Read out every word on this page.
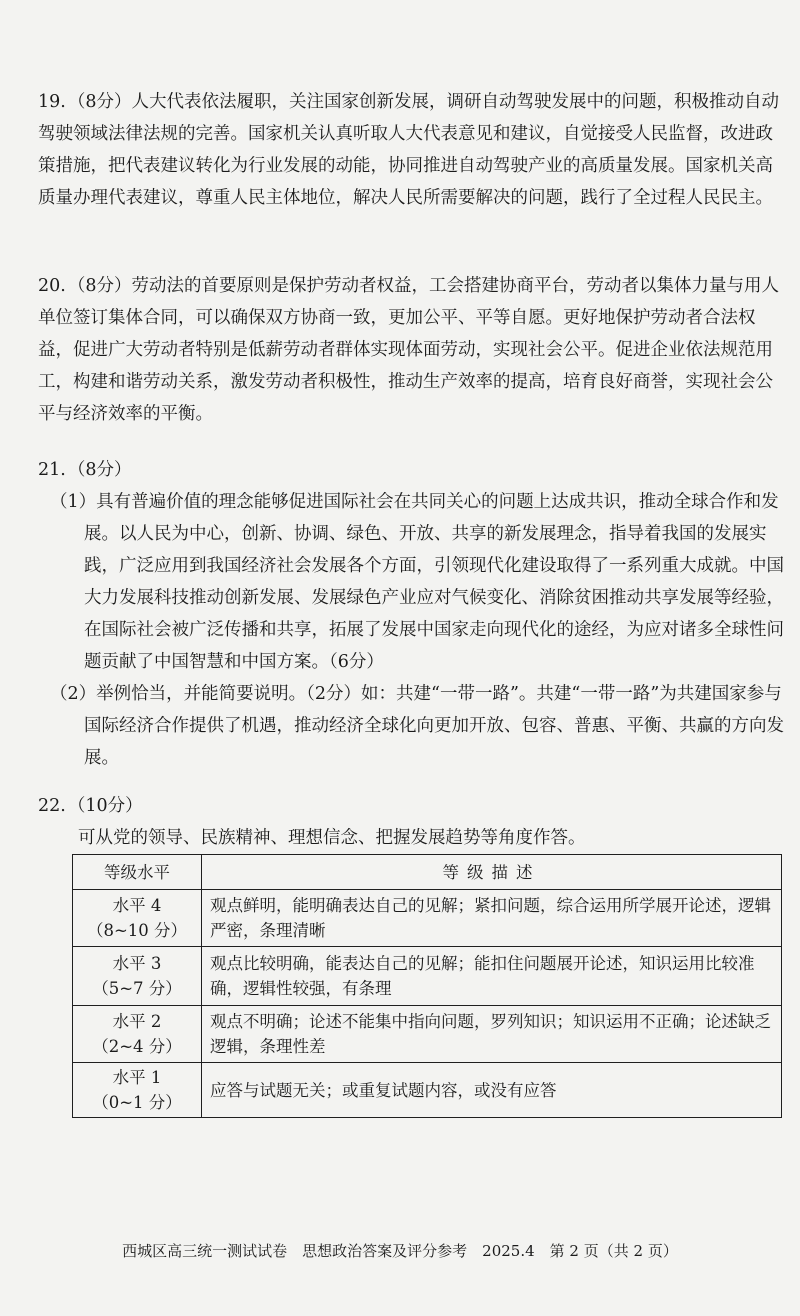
19. （8分）人大代表依法履职，关注国家创新发展，调研自动驾驶发展中的问题，积极推动自动驾驶领域法律法规的完善。国家机关认真听取人大代表意见和建议，自觉接受人民监督，改进政策措施，把代表建议转化为行业发展的动能，协同推进自动驾驶产业的高质量发展。国家机关高质量办理代表建议，尊重人民主体地位，解决人民所需要解决的问题，践行了全过程人民民主。

20. （8分）劳动法的首要原则是保护劳动者权益，工会搭建协商平台，劳动者以集体力量与用人单位签订集体合同，可以确保双方协商一致，更加公平、平等自愿。更好地保护劳动者合法权益，促进广大劳动者特别是低薪劳动者群体实现体面劳动，实现社会公平。促进企业依法规范用工，构建和谐劳动关系，激发劳动者积极性，推动生产效率的提高，培育良好商誉，实现社会公平与经济效率的平衡。

21. （8分）

（1）具有普遍价值的理念能够促进国际社会在共同关心的问题上达成共识，推动全球合作和发展。以人民为中心，创新、协调、绿色、开放、共享的新发展理念，指导着我国的发展实践，广泛应用到我国经济社会发展各个方面，引领现代化建设取得了一系列重大成就。中国大力发展科技推动创新发展、发展绿色产业应对气候变化、消除贫困推动共享发展等经验，在国际社会被广泛传播和共享，拓展了发展中国家走向现代化的途经，为应对诸多全球性问题贡献了中国智慧和中国方案。（6分）

（2）举例恰当，并能简要说明。（2分）如：共建“一带一路”。共建“一带一路”为共建国家参与国际经济合作提供了机遇，推动经济全球化向更加开放、包容、普惠、平衡、共赢的方向发展。

22. （10分）

可从党的领导、民族精神、理想信念、把握发展趋势等角度作答。

等级水平	等级描述

水平 4
（8~10 分）	观点鲜明，能明确表达自己的见解；紧扣问题，综合运用所学展开论述，逻辑严密，条理清晰

水平 3
（5~7 分）	观点比较明确，能表达自己的见解；能扣住问题展开论述，知识运用比较准确，逻辑性较强，有条理

水平 2
（2~4 分）	观点不明确；论述不能集中指向问题，罗列知识；知识运用不正确；论述缺乏逻辑，条理性差

水平 1
（0~1 分）	应答与试题无关；或重复试题内容，或没有应答
西城区高三统一测试试卷　思想政治答案及评分参考　2025.4　第 2 页（共 2 页）
